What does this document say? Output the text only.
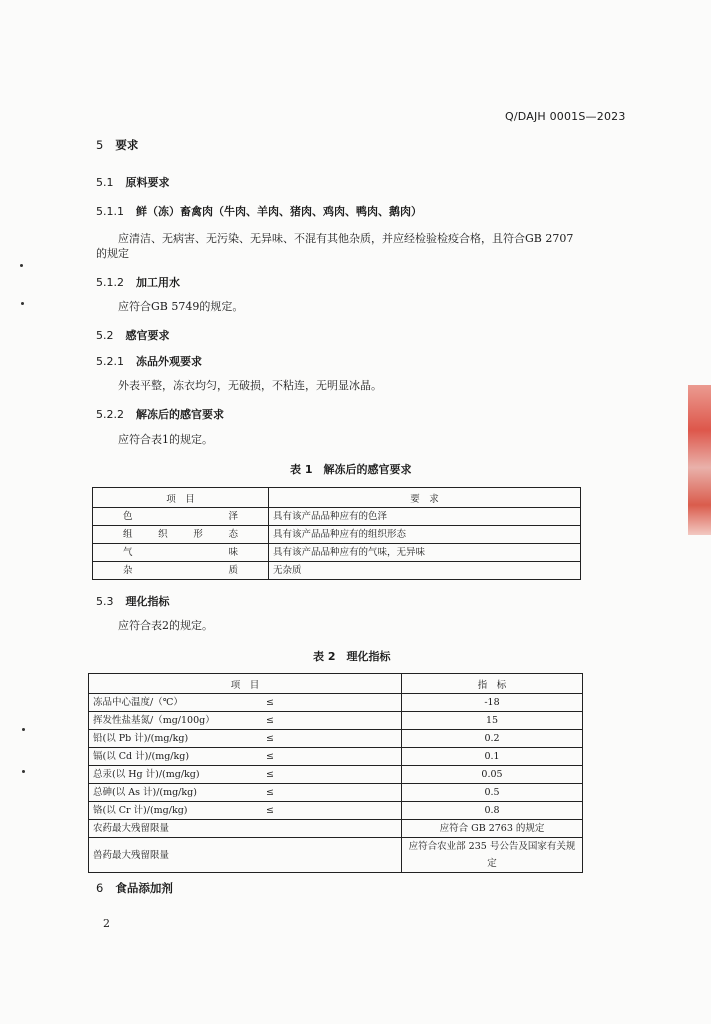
Q/DAJH 0001S—2023
5 要求
5.1 原料要求
5.1.1 鲜（冻）畜禽肉（牛肉、羊肉、猪肉、鸡肉、鸭肉、鹅肉）
应清洁、无病害、无污染、无异味、不混有其他杂质，并应经检验检疫合格，且符合GB 2707
的规定
5.1.2 加工用水
应符合GB 5749的规定。
5.2 感官要求
5.2.1 冻品外观要求
外表平整，冻衣均匀，无破损，不粘连，无明显冰晶。
5.2.2 解冻后的感官要求
应符合表1的规定。
表 1　解冻后的感官要求
项　目	要　求
色泽	具有该产品品种应有的色泽
组织形态	具有该产品品种应有的组织形态
气味	具有该产品品种应有的气味，无异味
杂质	无杂质
5.3 理化指标
应符合表2的规定。
表 2　理化指标
项　目			指　标
冻品中心温度/（℃）	≤		-18
挥发性盐基氮/（mg/100g）	≤		15
铅(以 Pb 计)/(mg/kg)	≤		0.2
镉(以 Cd 计)/(mg/kg)	≤		0.1
总汞(以 Hg 计)/(mg/kg)	≤		0.05
总砷(以 As 计)/(mg/kg)	≤		0.5
铬(以 Cr 计)/(mg/kg)	≤		0.8
农药最大残留限量			应符合 GB 2763 的规定
兽药最大残留限量			应符合农业部 235 号公告及国家有关规定
6 食品添加剂
2
